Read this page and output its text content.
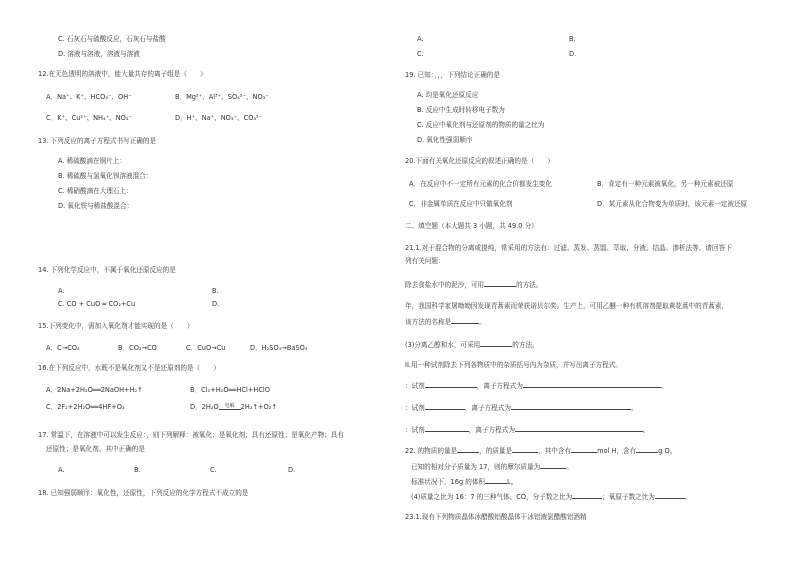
C. 石灰石与硫酸反应，石灰石与盐酸
D. 溶液与溶液，溶液与溶液
12.在无色透明的溶液中，能大量共存的离子组是（　　）
A．Na⁺、K⁺、HCO₃⁻、OH⁻	B．Mg²⁺、Al³⁺、SO₄²⁻、NO₃⁻
C．K⁺、Cu²⁺、NH₄⁺、NO₃⁻	D．H⁺、Na⁺、NO₃⁻、CO₃²⁻
13. 下列反应的离子方程式书写正确的是
A. 稀硫酸滴在铜片上：
B. 稀硫酸与氢氧化钡溶液混合：
C. 稀硝酸滴在大理石上：
D. 氧化铁与稀盐酸混合：
14. 下列化学反应中，不属于氧化还原反应的是
A.	B.
C. CO + CuO ═ CO₂+Cu	D.
15.下列变化中，需加入氧化剂才能实现的是（　　）
A．C→CO₂	B．CO₂→CO	C．CuO→Cu	D．H₂SO₄→BaSO₄
16.在下列反应中，水既不是氧化剂又不是还原剂的是（　　）
A．2Na+2H₂O══2NaOH+H₂↑	B．Cl₂+H₂O══HCl+HClO
C．2F₂+2H₂O══4HF+O₂	D．2H₂O 电解 2H₂↑+O₂↑
17. 常温下，在溶液中可以发生反应：，则下列解释：被氧化；是氧化剂；具有还原性；是氧化产物；具有
还原性；是氧化剂。其中正确的是
A.	B.	C.	D.
18. 已知强弱顺序：氧化性，还原性，下列反应的化学方程式不成立的是
A.	B.
C.	D.
19. 已知：，，，下列结论正确的是
A. 均是氧化还原反应
B. 反应中生成时转移电子数为
C. 反应中氧化剂与还原剂的物质的量之比为
D. 氧化性强弱顺序
20.下面有关氧化还原反应的叙述正确的是（　　）
A．在反应中不一定所有元素的化合价都发生变化	B．肯定有一种元素被氧化，另一种元素被还原
C．非金属单质在反应中只做氧化剂	D．某元素从化合物变为单质时，该元素一定被还原
二、填空题（本大题共 3 小题，共 49.0 分）
21.1.对于混合物的分离或提纯，常采用的方法有：过滤、蒸发、蒸馏、萃取、分液、结晶、渗析法等。请回答下
列有关问题：
除去食盐水中的泥沙，可用	的方法。
年，我国科学家屠呦呦因发现青蒿素而荣获诺贝尔奖。生产上，可用乙醚一种有机溶剂提取黄花蒿中的青蒿素，
该方法的名称是	。
(3)分离乙醇和水，可采用	的方法。
II.用一种试剂除去下列各物质中的杂质括号内为杂质，并写出离子方程式。
：试剂	，离子方程式为	。
：试剂	，离子方程式为	。
：试剂	，离子方程式为	。
22. 的物质的量是	，的质量是	，其中含有	mol H，含有	g O。
已知的相对分子质量为 17，则的摩尔质量为	。
标准状况下，16g 的体积	L。
(4)质量之比为 16：7 的三种气体、CO，分子数之比为	；氧原子数之比为	。
23.1.现有下列物质晶体冰醋酸铝酸晶体干冰铝液氯醋酸铝酒精
